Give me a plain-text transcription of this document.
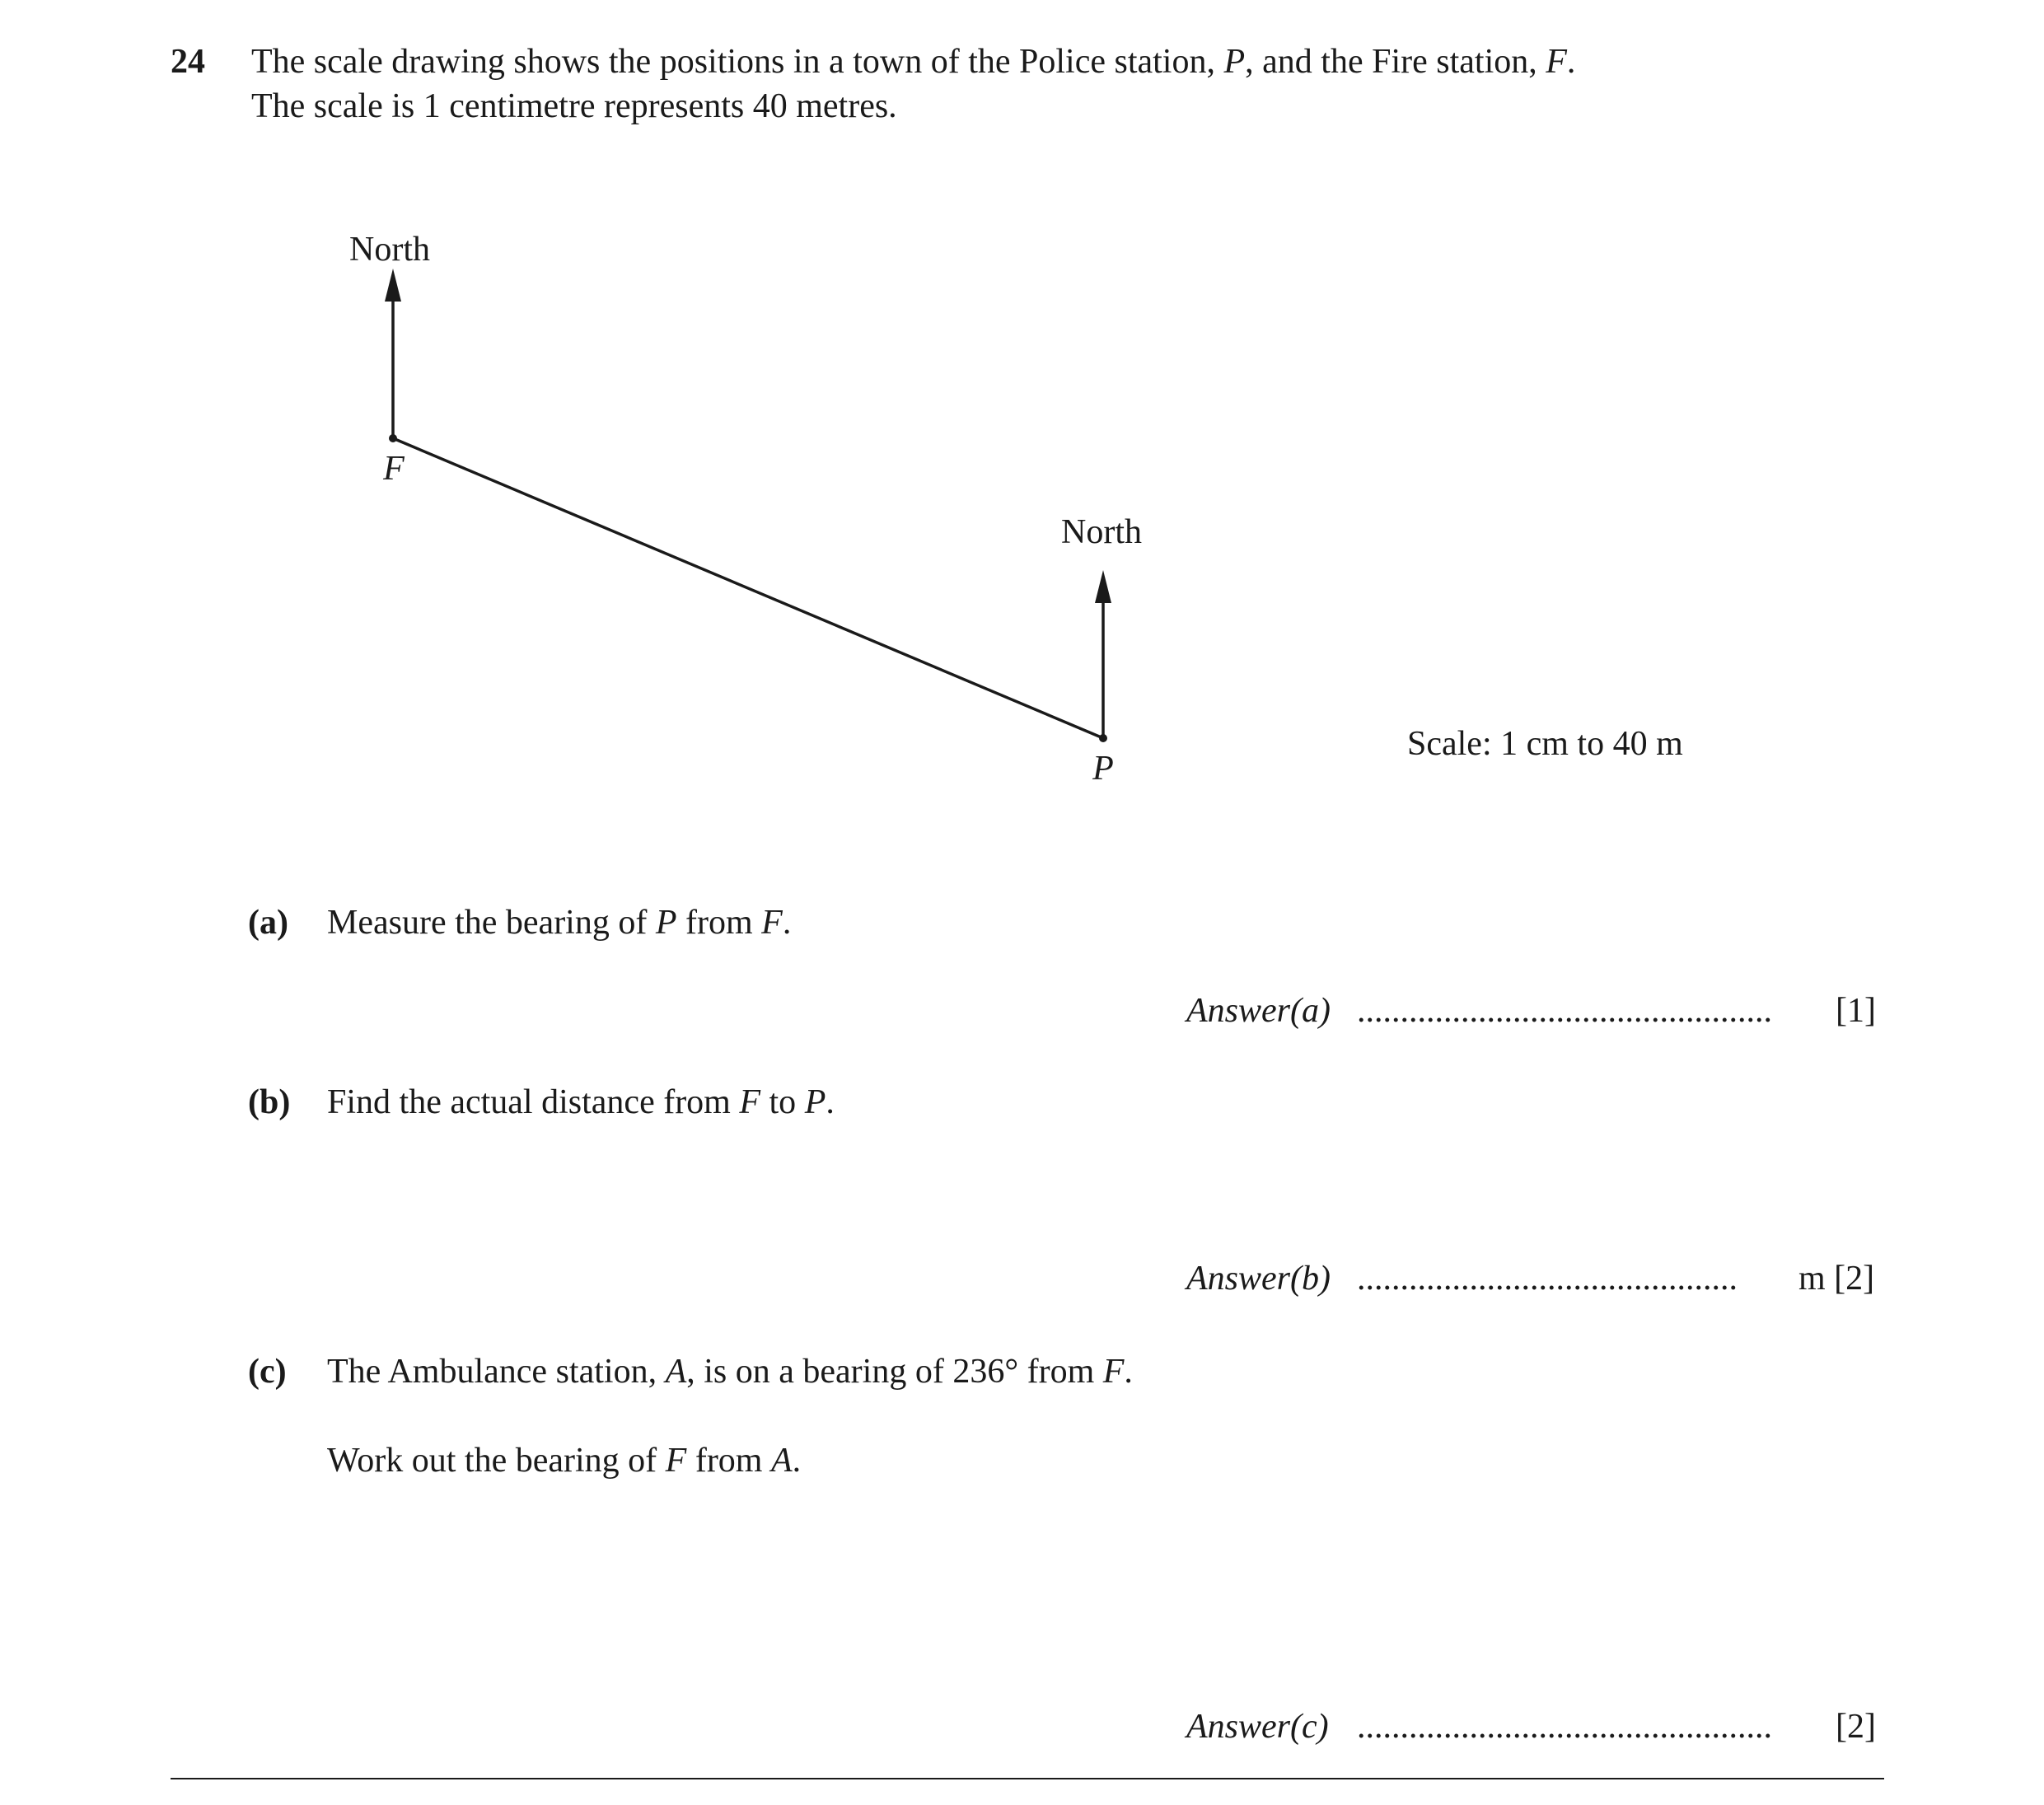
24 The scale drawing shows the positions in a town of the Police station, P, and the Fire station, F.
The scale is 1 centimetre represents 40 metres.
North
North
F
P
Scale: 1 cm to 40 m
(a) Measure the bearing of P from F.
Answer(a) ................................................ [1]
(b) Find the actual distance from F to P.
Answer(b) ............................................ m [2]
(c) The Ambulance station, A, is on a bearing of 236° from F.
Work out the bearing of F from A.
Answer(c) ................................................ [2]
